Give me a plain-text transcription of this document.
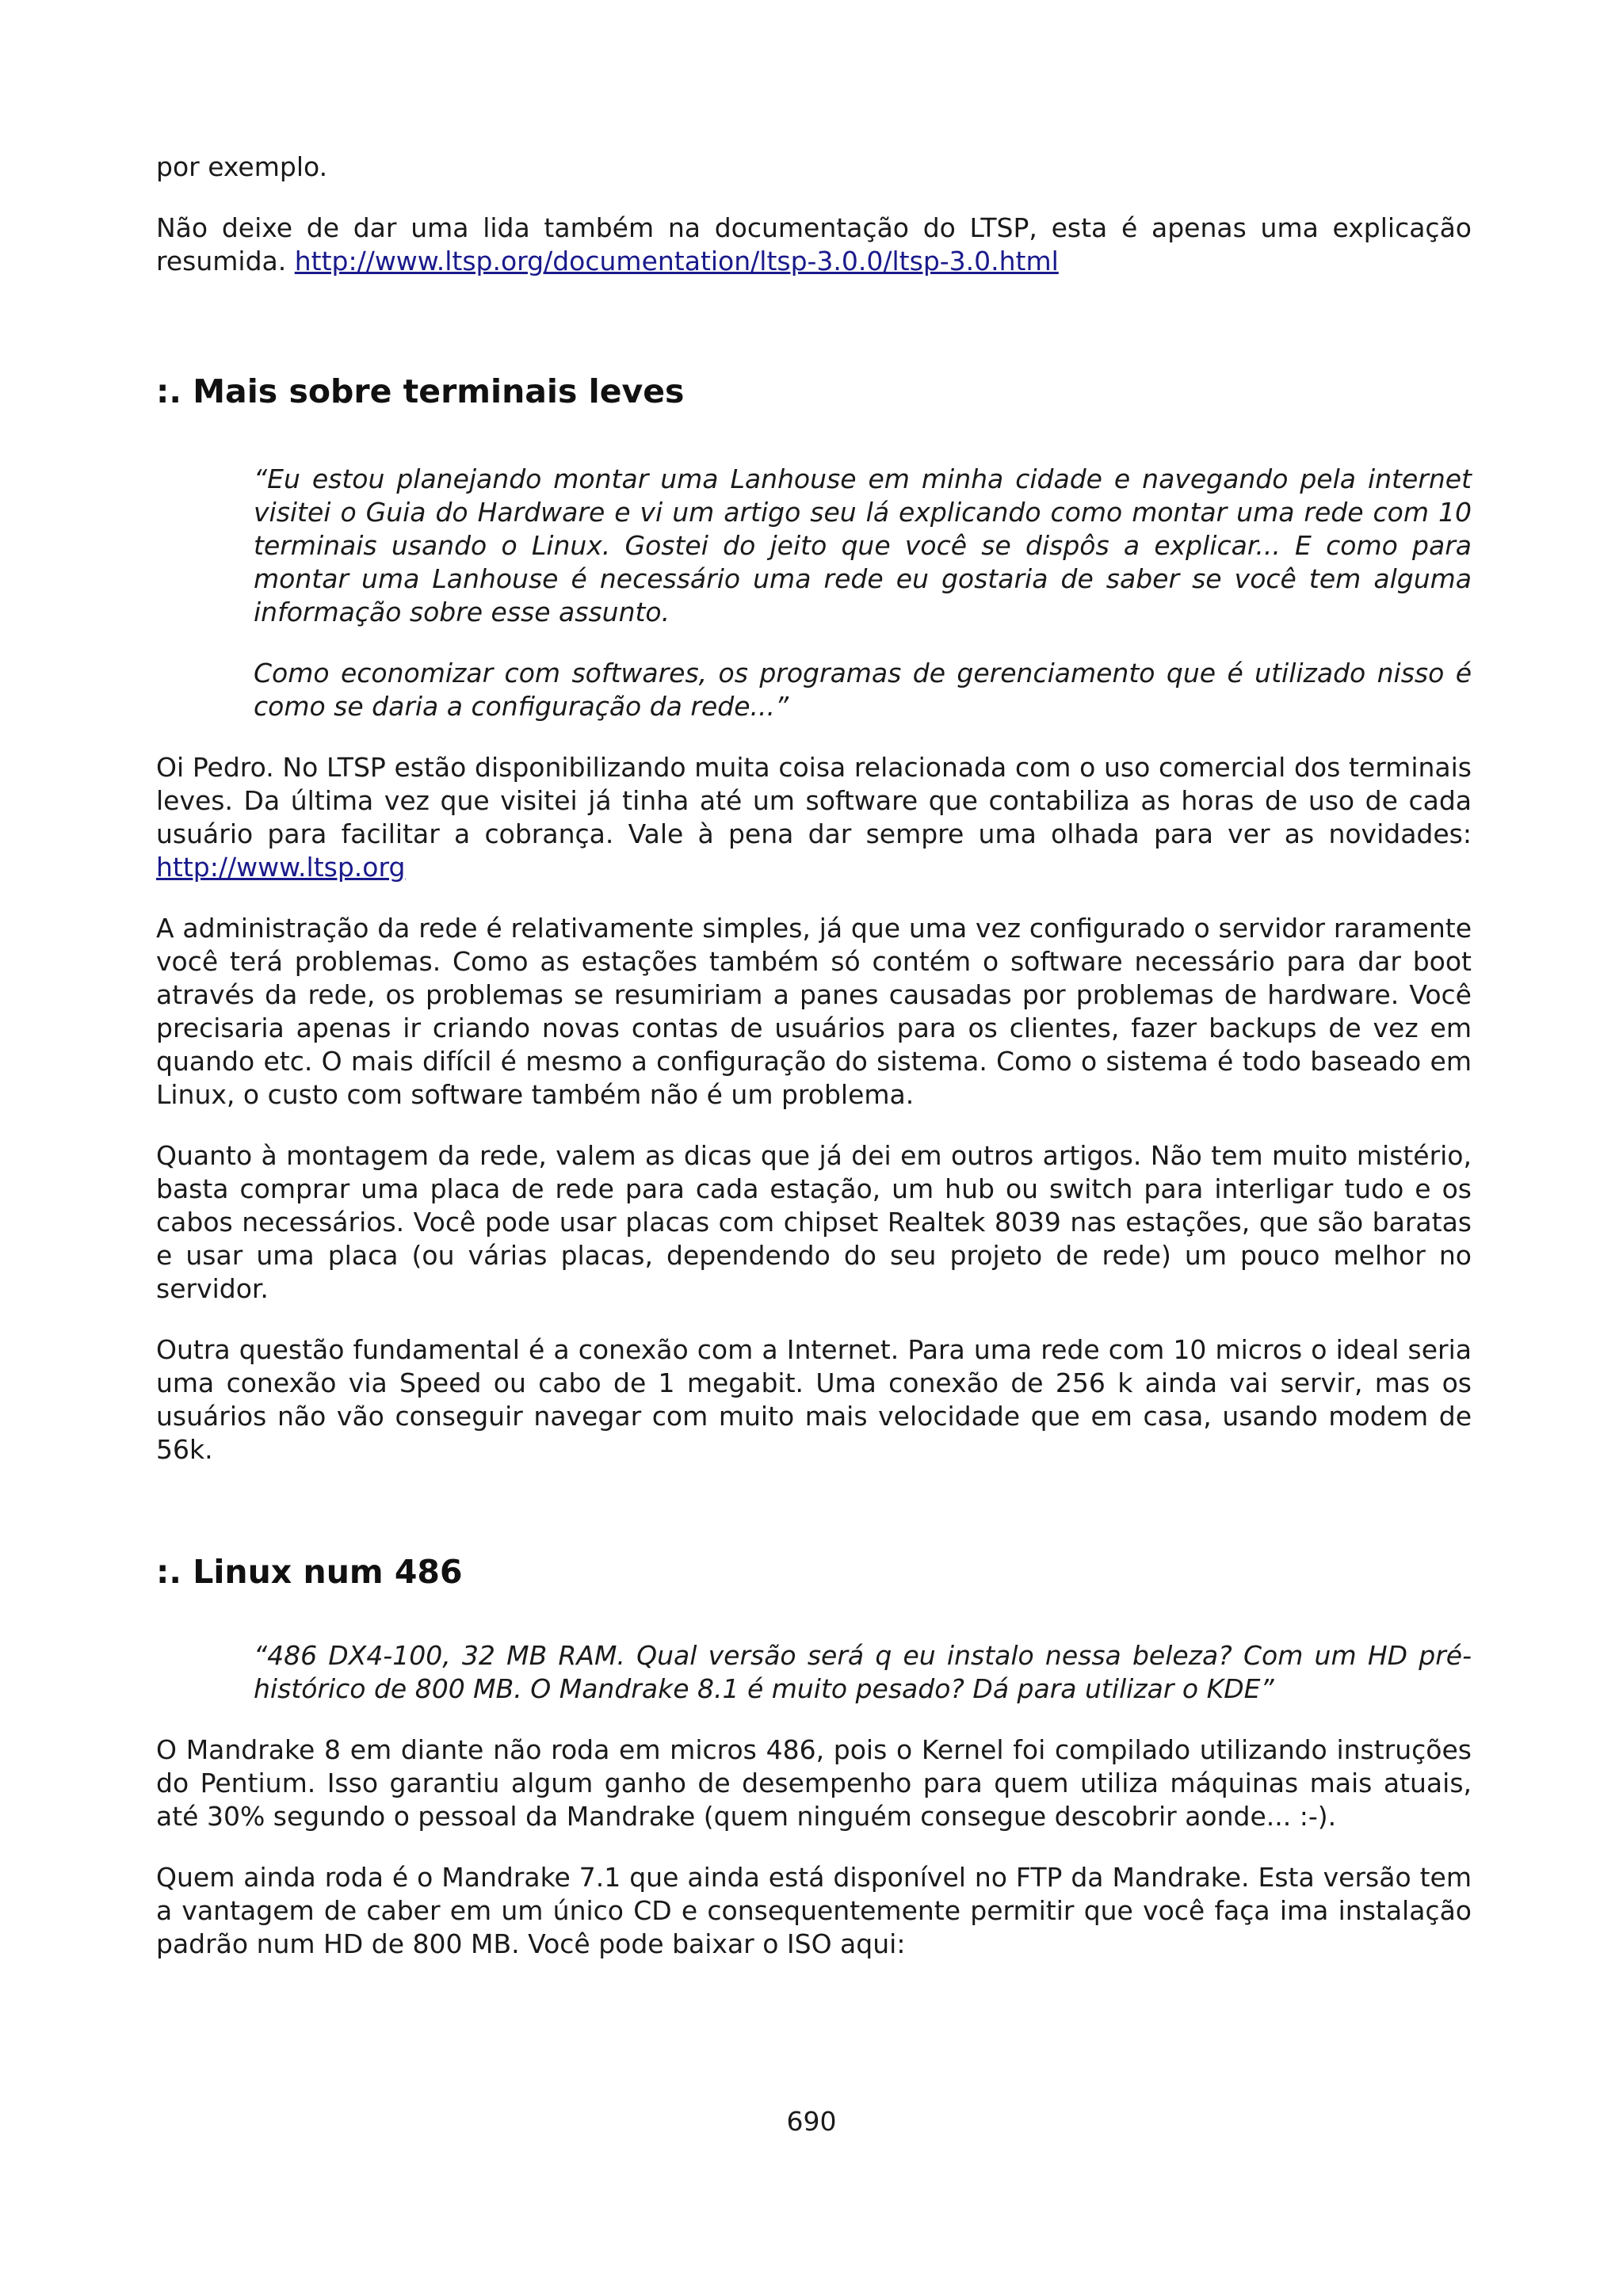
por exemplo.

Não deixe de dar uma lida também na documentação do LTSP, esta é apenas uma explicação resumida. http://www.ltsp.org/documentation/ltsp-3.0.0/ltsp-3.0.html

:. Mais sobre terminais leves

“Eu estou planejando montar uma Lanhouse em minha cidade e navegando pela internet visitei o Guia do Hardware e vi um artigo seu lá explicando como montar uma rede com 10 terminais usando o Linux. Gostei do jeito que você se dispôs a explicar... E como para montar uma Lanhouse é necessário uma rede eu gostaria de saber se você tem alguma informação sobre esse assunto.

Como economizar com softwares, os programas de gerenciamento que é utilizado nisso é como se daria a configuração da rede...”

Oi Pedro. No LTSP estão disponibilizando muita coisa relacionada com o uso comercial dos terminais leves. Da última vez que visitei já tinha até um software que contabiliza as horas de uso de cada usuário para facilitar a cobrança. Vale à pena dar sempre uma olhada para ver as novidades: http://www.ltsp.org

A administração da rede é relativamente simples, já que uma vez configurado o servidor raramente você terá problemas. Como as estações também só contém o software necessário para dar boot através da rede, os problemas se resumiriam a panes causadas por problemas de hardware. Você precisaria apenas ir criando novas contas de usuários para os clientes, fazer backups de vez em quando etc. O mais difícil é mesmo a configuração do sistema. Como o sistema é todo baseado em Linux, o custo com software também não é um problema.

Quanto à montagem da rede, valem as dicas que já dei em outros artigos. Não tem muito mistério, basta comprar uma placa de rede para cada estação, um hub ou switch para interligar tudo e os cabos necessários. Você pode usar placas com chipset Realtek 8039 nas estações, que são baratas e usar uma placa (ou várias placas, dependendo do seu projeto de rede) um pouco melhor no servidor.

Outra questão fundamental é a conexão com a Internet. Para uma rede com 10 micros o ideal seria uma conexão via Speed ou cabo de 1 megabit. Uma conexão de 256 k ainda vai servir, mas os usuários não vão conseguir navegar com muito mais velocidade que em casa, usando modem de 56k.

:. Linux num 486

“486 DX4-100, 32 MB RAM. Qual versão será q eu instalo nessa beleza? Com um HD pré-histórico de 800 MB. O Mandrake 8.1 é muito pesado? Dá para utilizar o KDE”

O Mandrake 8 em diante não roda em micros 486, pois o Kernel foi compilado utilizando instruções do Pentium. Isso garantiu algum ganho de desempenho para quem utiliza máquinas mais atuais, até 30% segundo o pessoal da Mandrake (quem ninguém consegue descobrir aonde... :-).

Quem ainda roda é o Mandrake 7.1 que ainda está disponível no FTP da Mandrake. Esta versão tem a vantagem de caber em um único CD e consequentemente permitir que você faça ima instalação padrão num HD de 800 MB. Você pode baixar o ISO aqui:

690
